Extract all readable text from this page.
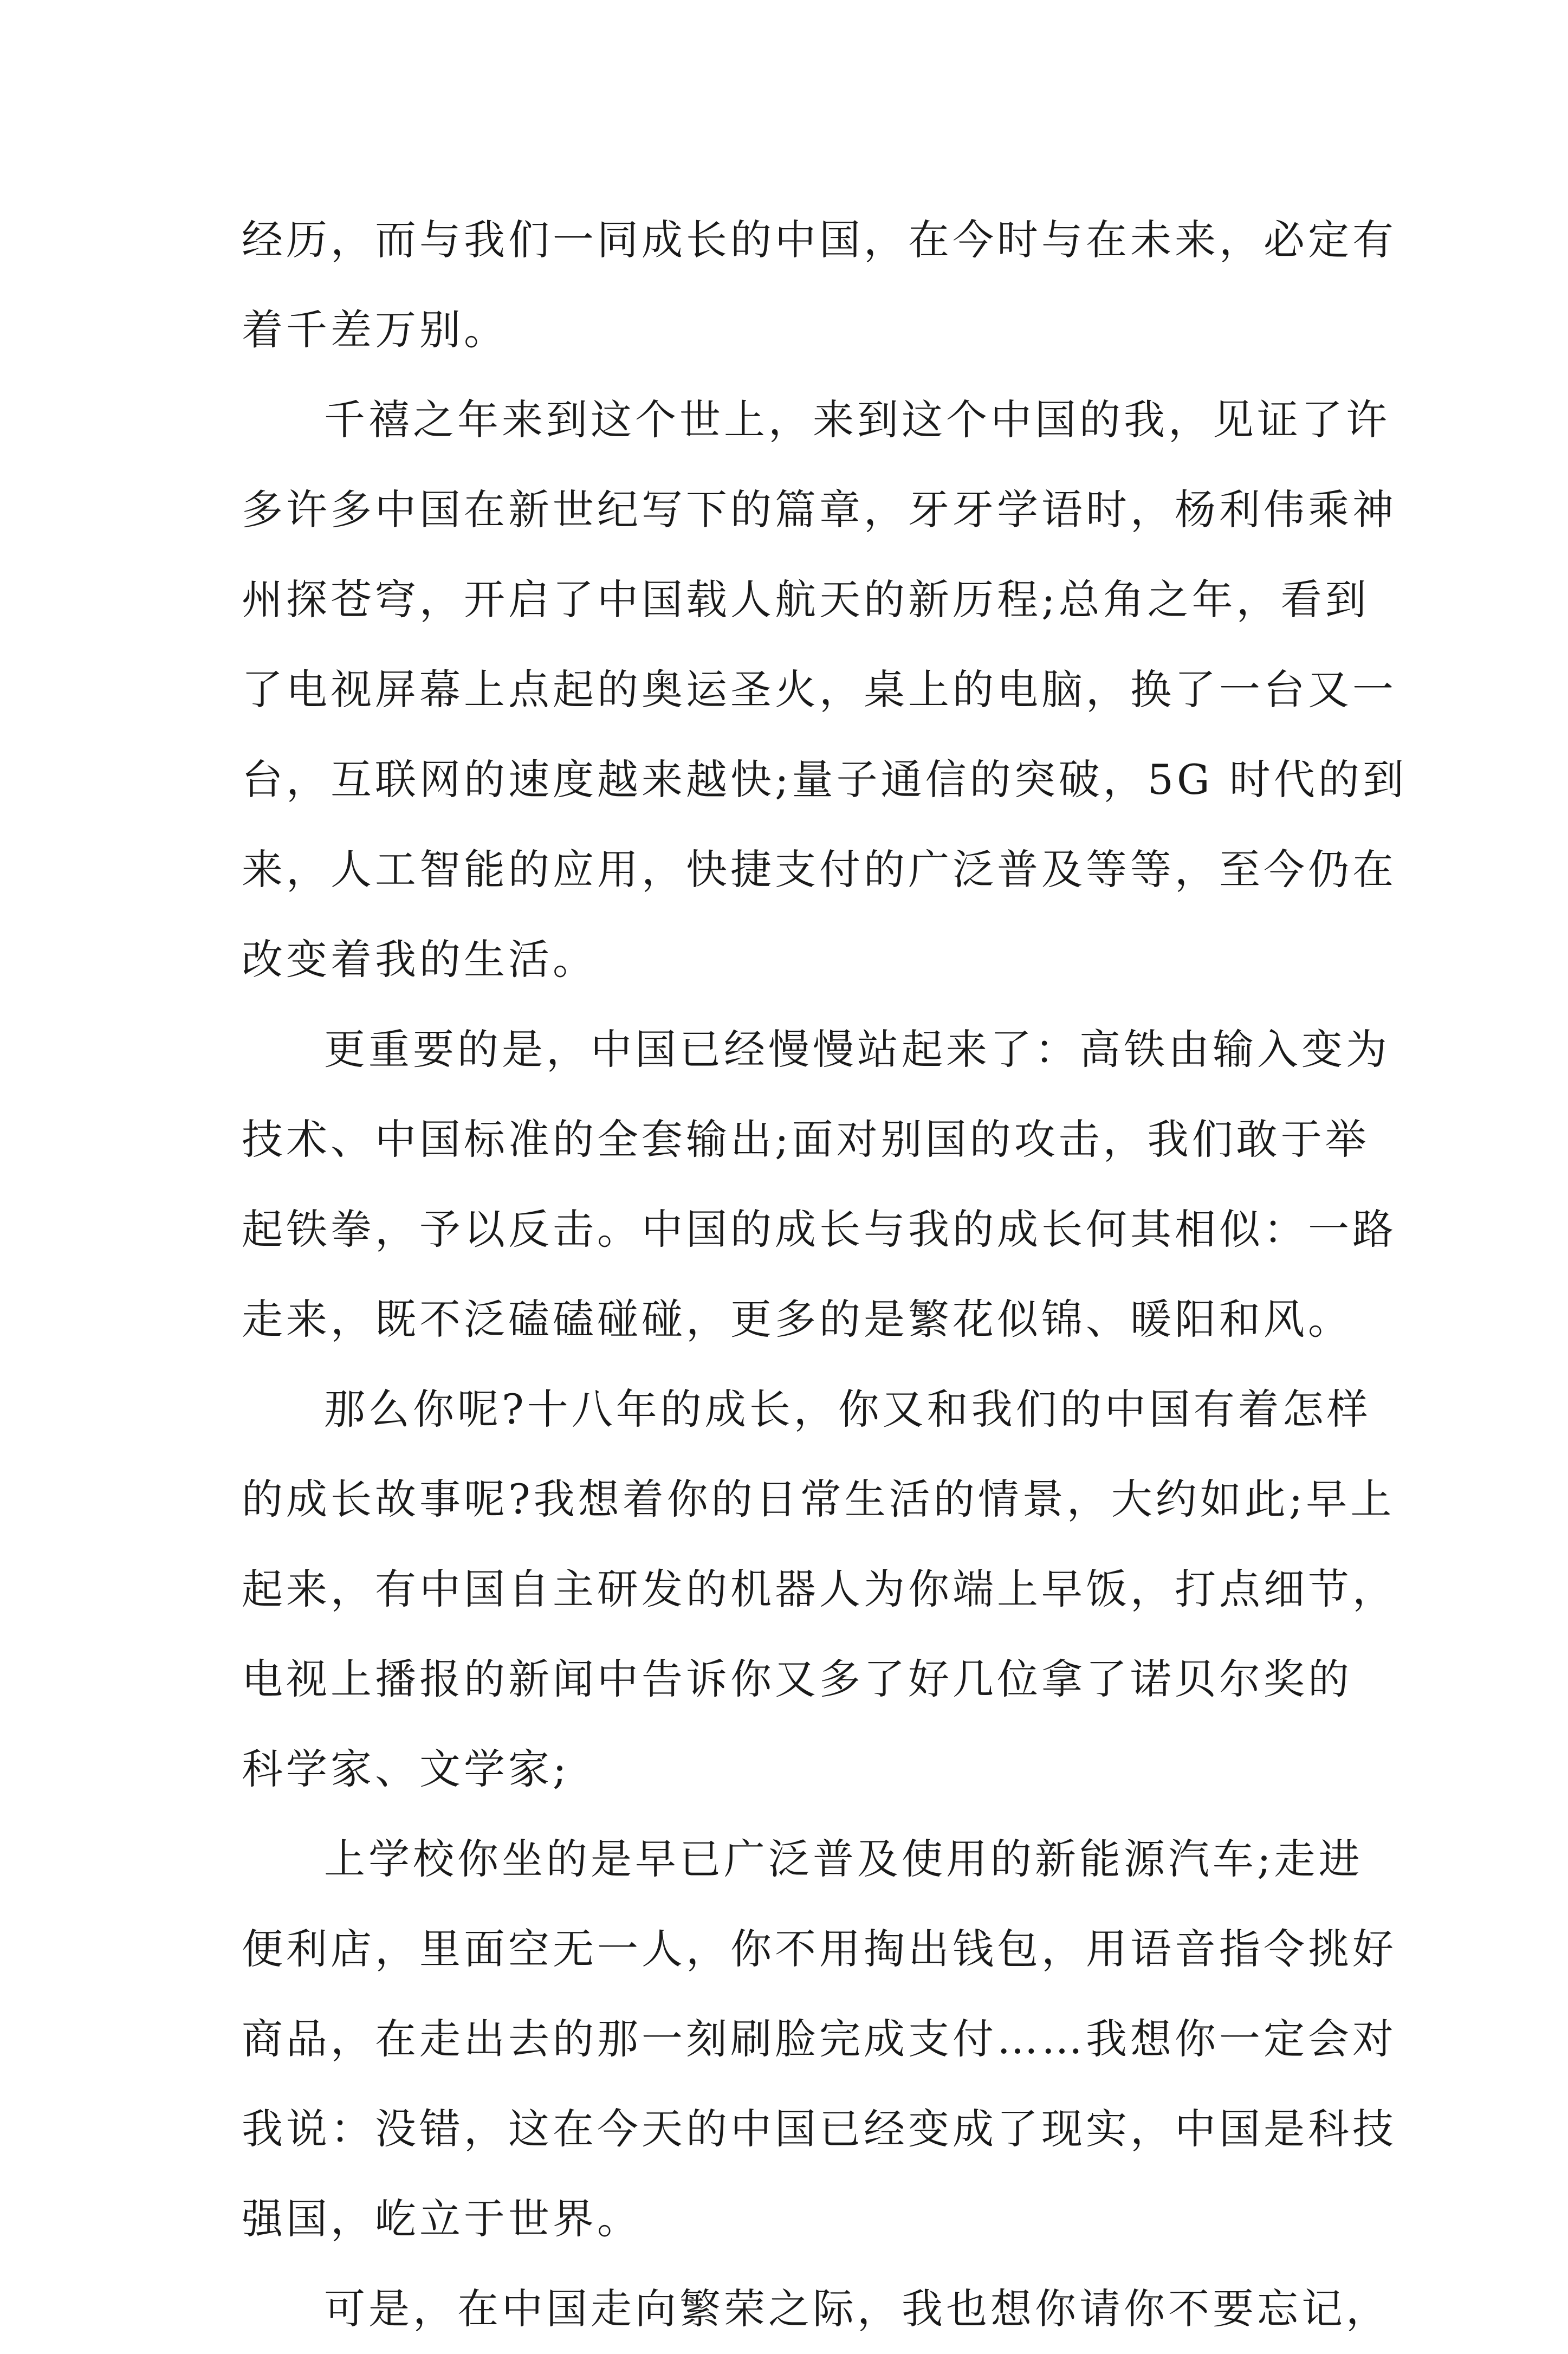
经历，而与我们一同成长的中国，在今时与在未来，必定有
着千差万别。
千禧之年来到这个世上，来到这个中国的我，见证了许
多许多中国在新世纪写下的篇章，牙牙学语时，杨利伟乘神
州探苍穹，开启了中国载人航天的新历程;总角之年，看到
了电视屏幕上点起的奥运圣火，桌上的电脑，换了一台又一
台，互联网的速度越来越快;量子通信的突破，5G 时代的到
来，人工智能的应用，快捷支付的广泛普及等等，至今仍在
改变着我的生活。
更重要的是，中国已经慢慢站起来了：高铁由输入变为
技术、中国标准的全套输出;面对别国的攻击，我们敢于举
起铁拳，予以反击。中国的成长与我的成长何其相似：一路
走来，既不泛磕磕碰碰，更多的是繁花似锦、暖阳和风。
那么你呢?十八年的成长，你又和我们的中国有着怎样
的成长故事呢?我想着你的日常生活的情景，大约如此;早上
起来，有中国自主研发的机器人为你端上早饭，打点细节，
电视上播报的新闻中告诉你又多了好几位拿了诺贝尔奖的
科学家、文学家;
上学校你坐的是早已广泛普及使用的新能源汽车;走进
便利店，里面空无一人，你不用掏出钱包，用语音指令挑好
商品，在走出去的那一刻刷脸完成支付……我想你一定会对
我说：没错，这在今天的中国已经变成了现实，中国是科技
强国，屹立于世界。
可是，在中国走向繁荣之际，我也想你请你不要忘记，
